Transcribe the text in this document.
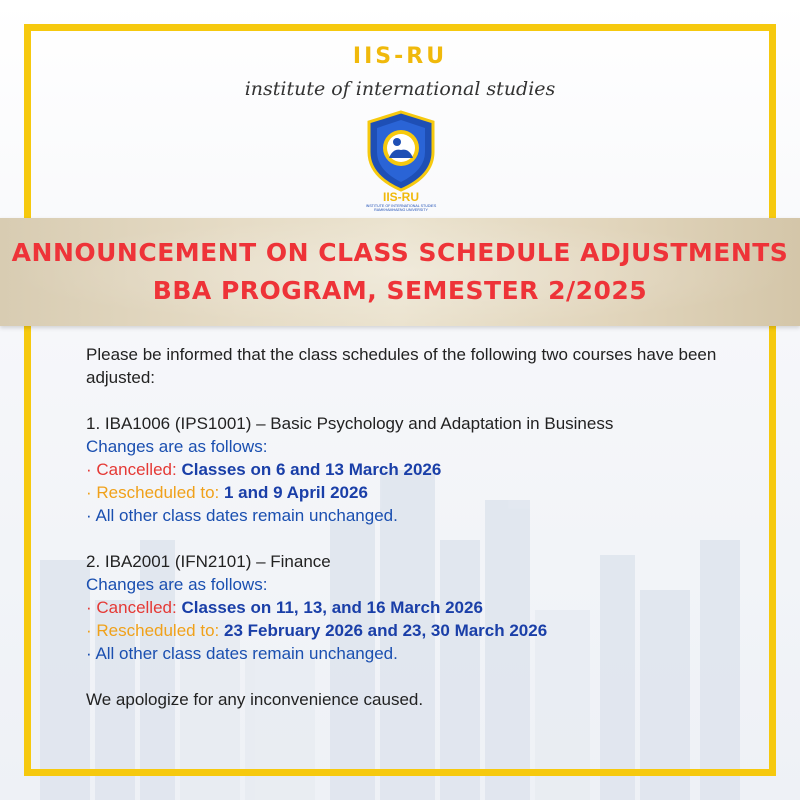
IIS-RU
institute of international studies
IIS-RU
INSTITUTE OF INTERNATIONAL STUDIES
RAMKHAMHAENG UNIVERSITY
ANNOUNCEMENT ON CLASS SCHEDULE ADJUSTMENTS
BBA PROGRAM, SEMESTER 2/2025

Please be informed that the class schedules of the following two courses have been adjusted:

1. IBA1006 (IPS1001) – Basic Psychology and Adaptation in Business

Changes are as follows:

· Cancelled: Classes on 6 and 13 March 2026

· Rescheduled to: 1 and 9 April 2026

· All other class dates remain unchanged.

2. IBA2001 (IFN2101) – Finance

Changes are as follows:

· Cancelled: Classes on 11, 13, and 16 March 2026

· Rescheduled to: 23 February 2026 and 23, 30 March 2026

· All other class dates remain unchanged.

We apologize for any inconvenience caused.
